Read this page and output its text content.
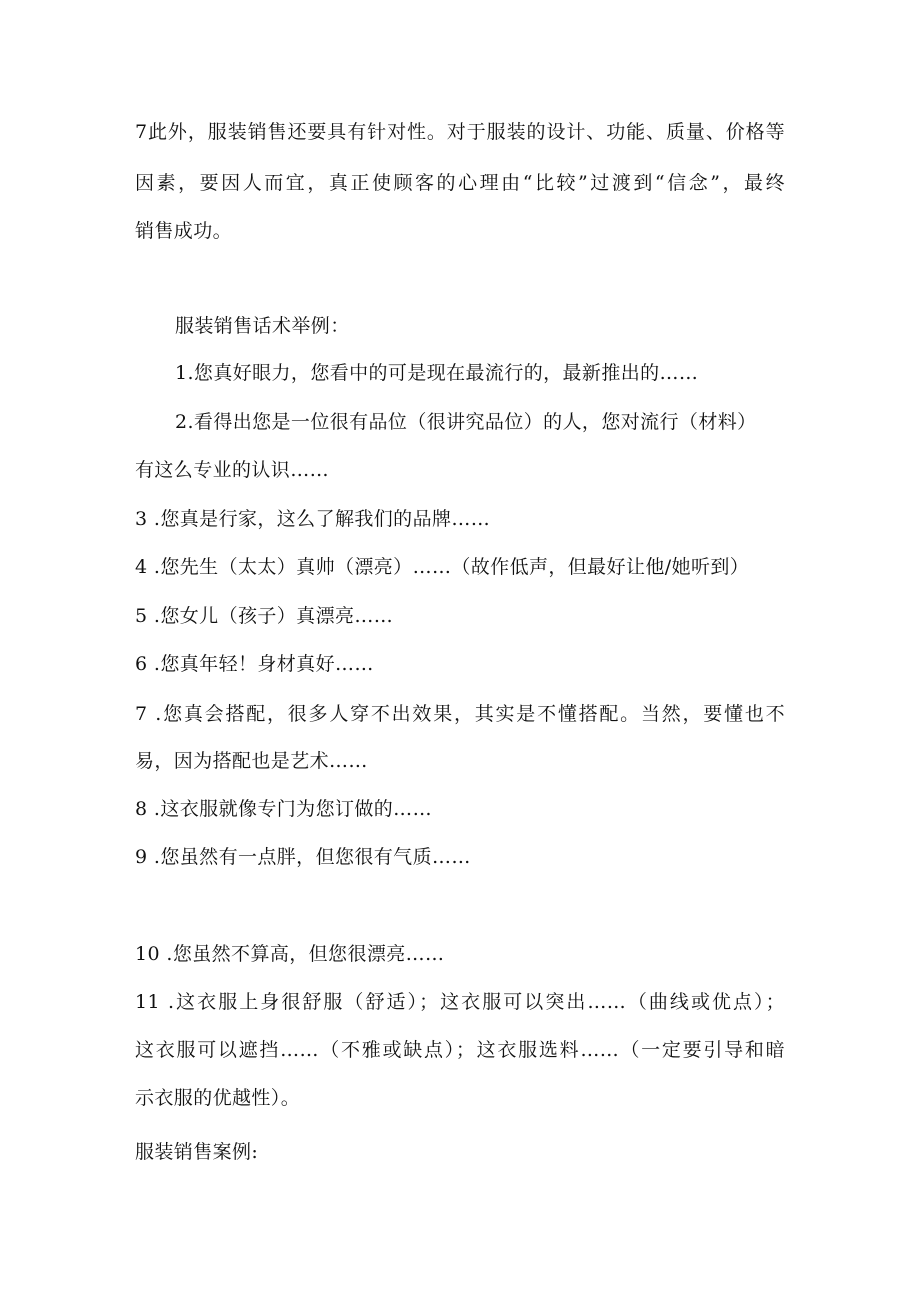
7此外，服装销售还要具有针对性。对于服装的设计、功能、质量、价格等
因素，要因人而宜，真正使顾客的心理由“比较”过渡到“信念”，最终
销售成功。
服装销售话术举例：
1.您真好眼力，您看中的可是现在最流行的，最新推出的……
2.看得出您是一位很有品位（很讲究品位）的人，您对流行（材料）
有这么专业的认识……
3 .您真是行家，这么了解我们的品牌……
4 .您先生（太太）真帅（漂亮）……（故作低声，但最好让他/她听到）
5 .您女儿（孩子）真漂亮……
6 .您真年轻！身材真好……
7 .您真会搭配，很多人穿不出效果，其实是不懂搭配。当然，要懂也不
易，因为搭配也是艺术……
8 .这衣服就像专门为您订做的……
9 .您虽然有一点胖，但您很有气质……
10 .您虽然不算高，但您很漂亮……
11 .这衣服上身很舒服（舒适）；这衣服可以突出……（曲线或优点）；
这衣服可以遮挡……（不雅或缺点）；这衣服选料……（一定要引导和暗
示衣服的优越性）。
服装销售案例:
